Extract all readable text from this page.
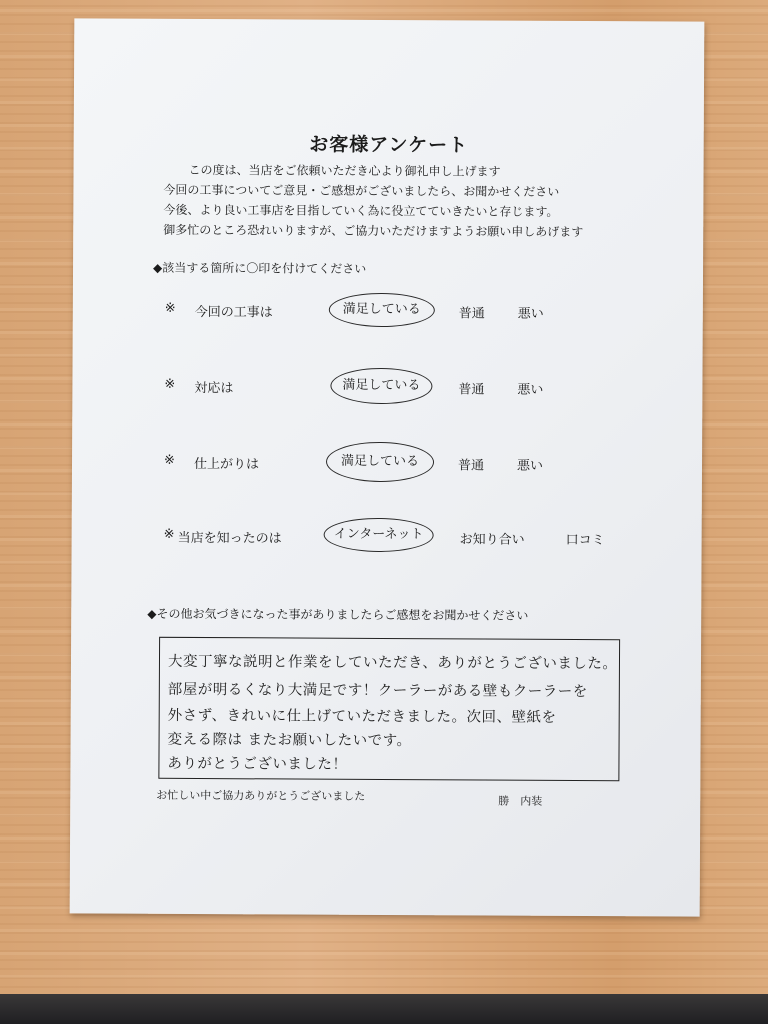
お客様アンケート
この度は、当店をご依頼いただき心より御礼申し上げます
今回の工事についてご意見・ご感想がございましたら、お聞かせください
今後、より良い工事店を目指していく為に役立てていきたいと存じます。
御多忙のところ恐れいりますが、ご協力いただけますようお願い申しあげます
◆該当する箇所に〇印を付けてください
※ 今回の工事は	満足している	普通	悪い
※ 対応は	満足している	普通	悪い
※ 仕上がりは	満足している	普通	悪い
※ 当店を知ったのは	インターネット	お知り合い	口コミ
◆その他お気づきになった事がありましたらご感想をお聞かせください
大変丁寧な説明と作業をしていただき、ありがとうございました。
部屋が明るくなり大満足です！クーラーがある壁もクーラーを
外さず、きれいに仕上げていただきました。次回、壁紙を
変える際は またお願いしたいです。
ありがとうございました！
お忙しい中ご協力ありがとうございました	勝　内装
